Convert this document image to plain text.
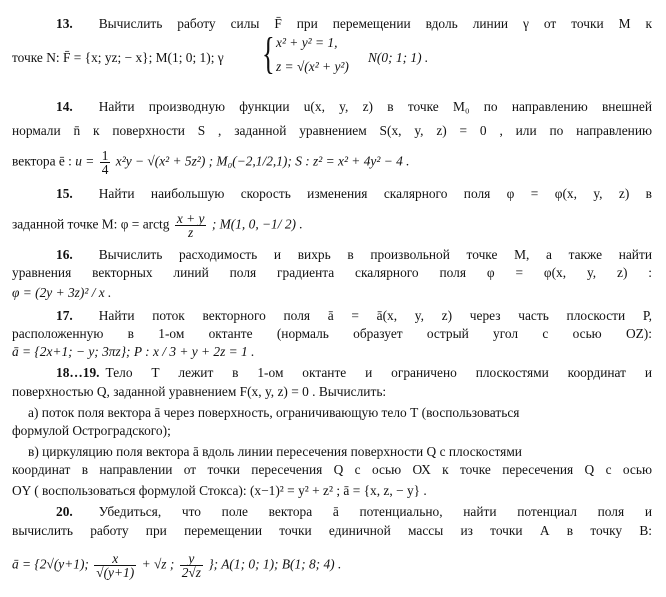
13. Вычислить работу силы F̄ при перемещении вдоль линии γ от точки М к
точке N: F̄ = {x; yz; − x}; M(1; 0; 1); γ { x² + y² = 1,
z = √(x² + y²)
N(0; 1; 1) .
14. Найти производную функции u(x, y, z) в точке M₀ по направлению внешней
нормали n̄ к поверхности S , заданной уравнением S(x, y, z) = 0 , или по направлению
вектора ē : $u = \frac{1}{4} x^2y - √(x^2 + 5z^2)$ ; M₀(−2,1/2,1); S : z² = x² + 4y² − 4 .
15. Найти наибольшую скорость изменения скалярного поля φ = φ(x, y, z) в
заданной точке М: φ = arctg $\frac{x + y}{z}$ ; M(1, 0, −1/ 2) .
16. Вычислить расходимость и вихрь в произвольной точке М, а также найти
уравнения векторных линий поля градиента скалярного поля φ = φ(x, y, z) :
φ = (2y + 3z)² / x .
17. Найти поток векторного поля ā = ā(x, y, z) через часть плоскости Р,
расположенную в 1-ом октанте (нормаль образует острый угол с осью OZ):
ā = {2x+1; − y; 3πz}; P : x / 3 + y + 2z = 1 .
18…19. Тело Т лежит в 1-ом октанте и ограничено плоскостями координат и
поверхностью Q, заданной уравнением F(x, y, z) = 0 . Вычислить:
а) поток поля вектора ā через поверхность, ограничивающую тело Т (воспользоваться
формулой Остроградского);
в) циркуляцию поля вектора ā вдоль линии пересечения поверхности Q с плоскостями
координат в направлении от точки пересечения Q с осью ОХ к точке пересечения Q с осью
OY ( воспользоваться формулой Стокса): (x−1)² = y² + z² ; ā = {x, z, − y} .
20. Убедиться, что поле вектора ā потенциально, найти потенциал поля и
вычислить работу при перемещении точки единичной массы из точки А в точку В:
ā = {2√(y+1); $\frac{x}{√(y+1)} + √z$ ; $\frac{y}{2√z}$ }; A(1; 0; 1); B(1; 8; 4) .
